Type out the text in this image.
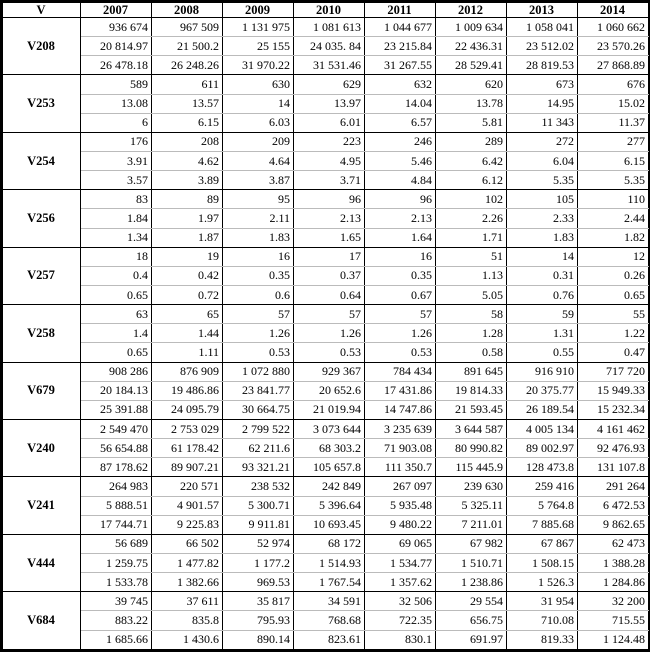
V	2007	2008	2009	2010	2011	2012	2013	2014
V208	936 674	967 509	1 131 975	1 081 613	1 044 677	1 009 634	1 058 041	1 060 662
	20 814.97	21 500.2	25 155	24 035. 84	23 215.84	22 436.31	23 512.02	23 570.26
	26 478.18	26 248.26	31 970.22	31 531.46	31 267.55	28 529.41	28 819.53	27 868.89
V253	589	611	630	629	632	620	673	676
	13.08	13.57	14	13.97	14.04	13.78	14.95	15.02
	6	6.15	6.03	6.01	6.57	5.81	11 343	11.37
V254	176	208	209	223	246	289	272	277
	3.91	4.62	4.64	4.95	5.46	6.42	6.04	6.15
	3.57	3.89	3.87	3.71	4.84	6.12	5.35	5.35
V256	83	89	95	96	96	102	105	110
	1.84	1.97	2.11	2.13	2.13	2.26	2.33	2.44
	1.34	1.87	1.83	1.65	1.64	1.71	1.83	1.82
V257	18	19	16	17	16	51	14	12
	0.4	0.42	0.35	0.37	0.35	1.13	0.31	0.26
	0.65	0.72	0.6	0.64	0.67	5.05	0.76	0.65
V258	63	65	57	57	57	58	59	55
	1.4	1.44	1.26	1.26	1.26	1.28	1.31	1.22
	0.65	1.11	0.53	0.53	0.53	0.58	0.55	0.47
V679	908 286	876 909	1 072 880	929 367	784 434	891 645	916 910	717 720
	20 184.13	19 486.86	23 841.77	20 652.6	17 431.86	19 814.33	20 375.77	15 949.33
	25 391.88	24 095.79	30 664.75	21 019.94	14 747.86	21 593.45	26 189.54	15 232.34
V240	2 549 470	2 753 029	2 799 522	3 073 644	3 235 639	3 644 587	4 005 134	4 161 462
	56 654.88	61 178.42	62 211.6	68 303.2	71 903.08	80 990.82	89 002.97	92 476.93
	87 178.62	89 907.21	93 321.21	105 657.8	111 350.7	115 445.9	128 473.8	131 107.8
V241	264 983	220 571	238 532	242 849	267 097	239 630	259 416	291 264
	5 888.51	4 901.57	5 300.71	5 396.64	5 935.48	5 325.11	5 764.8	6 472.53
	17 744.71	9 225.83	9 911.81	10 693.45	9 480.22	7 211.01	7 885.68	9 862.65
V444	56 689	66 502	52 974	68 172	69 065	67 982	67 867	62 473
	1 259.75	1 477.82	1 177.2	1 514.93	1 534.77	1 510.71	1 508.15	1 388.28
	1 533.78	1 382.66	969.53	1 767.54	1 357.62	1 238.86	1 526.3	1 284.86
V684	39 745	37 611	35 817	34 591	32 506	29 554	31 954	32 200
	883.22	835.8	795.93	768.68	722.35	656.75	710.08	715.55
	1 685.66	1 430.6	890.14	823.61	830.1	691.97	819.33	1 124.48
